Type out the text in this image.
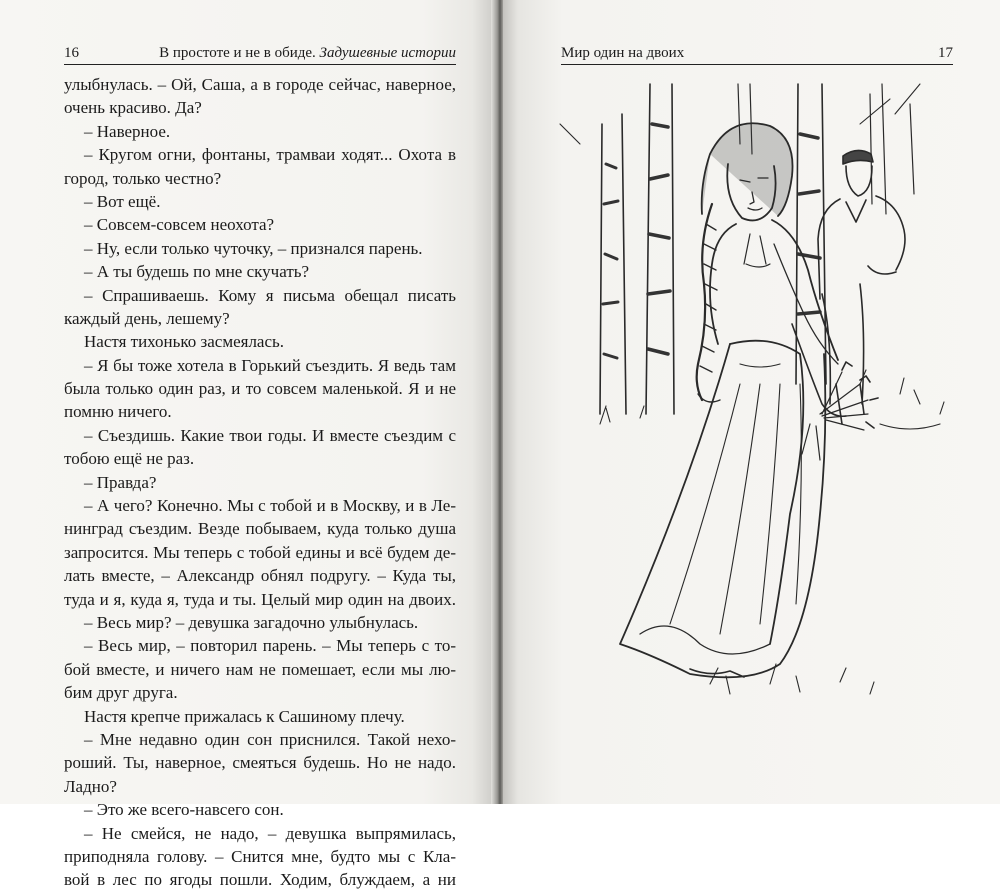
16	В простоте и не в обиде. Задушевные истории
улыбнулась. – Ой, Саша, а в городе сейчас, наверное,
очень красиво. Да?
– Наверное.
– Кругом огни, фонтаны, трамваи ходят... Охота в
город, только честно?
– Вот ещё.
– Совсем-совсем неохота?
– Ну, если только чуточку, – признался парень.
– А ты будешь по мне скучать?
– Спрашиваешь. Кому я письма обещал писать
каждый день, лешему?
Настя тихонько засмеялась.
– Я бы тоже хотела в Горький съездить. Я ведь там
была только один раз, и то совсем маленькой. Я и не
помню ничего.
– Съездишь. Какие твои годы. И вместе съездим с
тобою ещё не раз.
– Правда?
– А чего? Конечно. Мы с тобой и в Москву, и в Ле-
нинград съездим. Везде побываем, куда только душа
запросится. Мы теперь с тобой едины и всё будем де-
лать вместе, – Александр обнял подругу. – Куда ты,
туда и я, куда я, туда и ты. Целый мир один на двоих.
– Весь мир? – девушка загадочно улыбнулась.
– Весь мир, – повторил парень. – Мы теперь с то-
бой вместе, и ничего нам не помешает, если мы лю-
бим друг друга.
Настя крепче прижалась к Сашиному плечу.
– Мне недавно один сон приснился. Такой нехо-
роший. Ты, наверное, смеяться будешь. Но не надо.
Ладно?
– Это же всего-навсего сон.
– Не смейся, не надо, – девушка выпрямилась,
приподняла голову. – Снится мне, будто мы с Кла-
вой в лес по ягоды пошли. Ходим, блуждаем, а ни
Мир один на двоих	17
